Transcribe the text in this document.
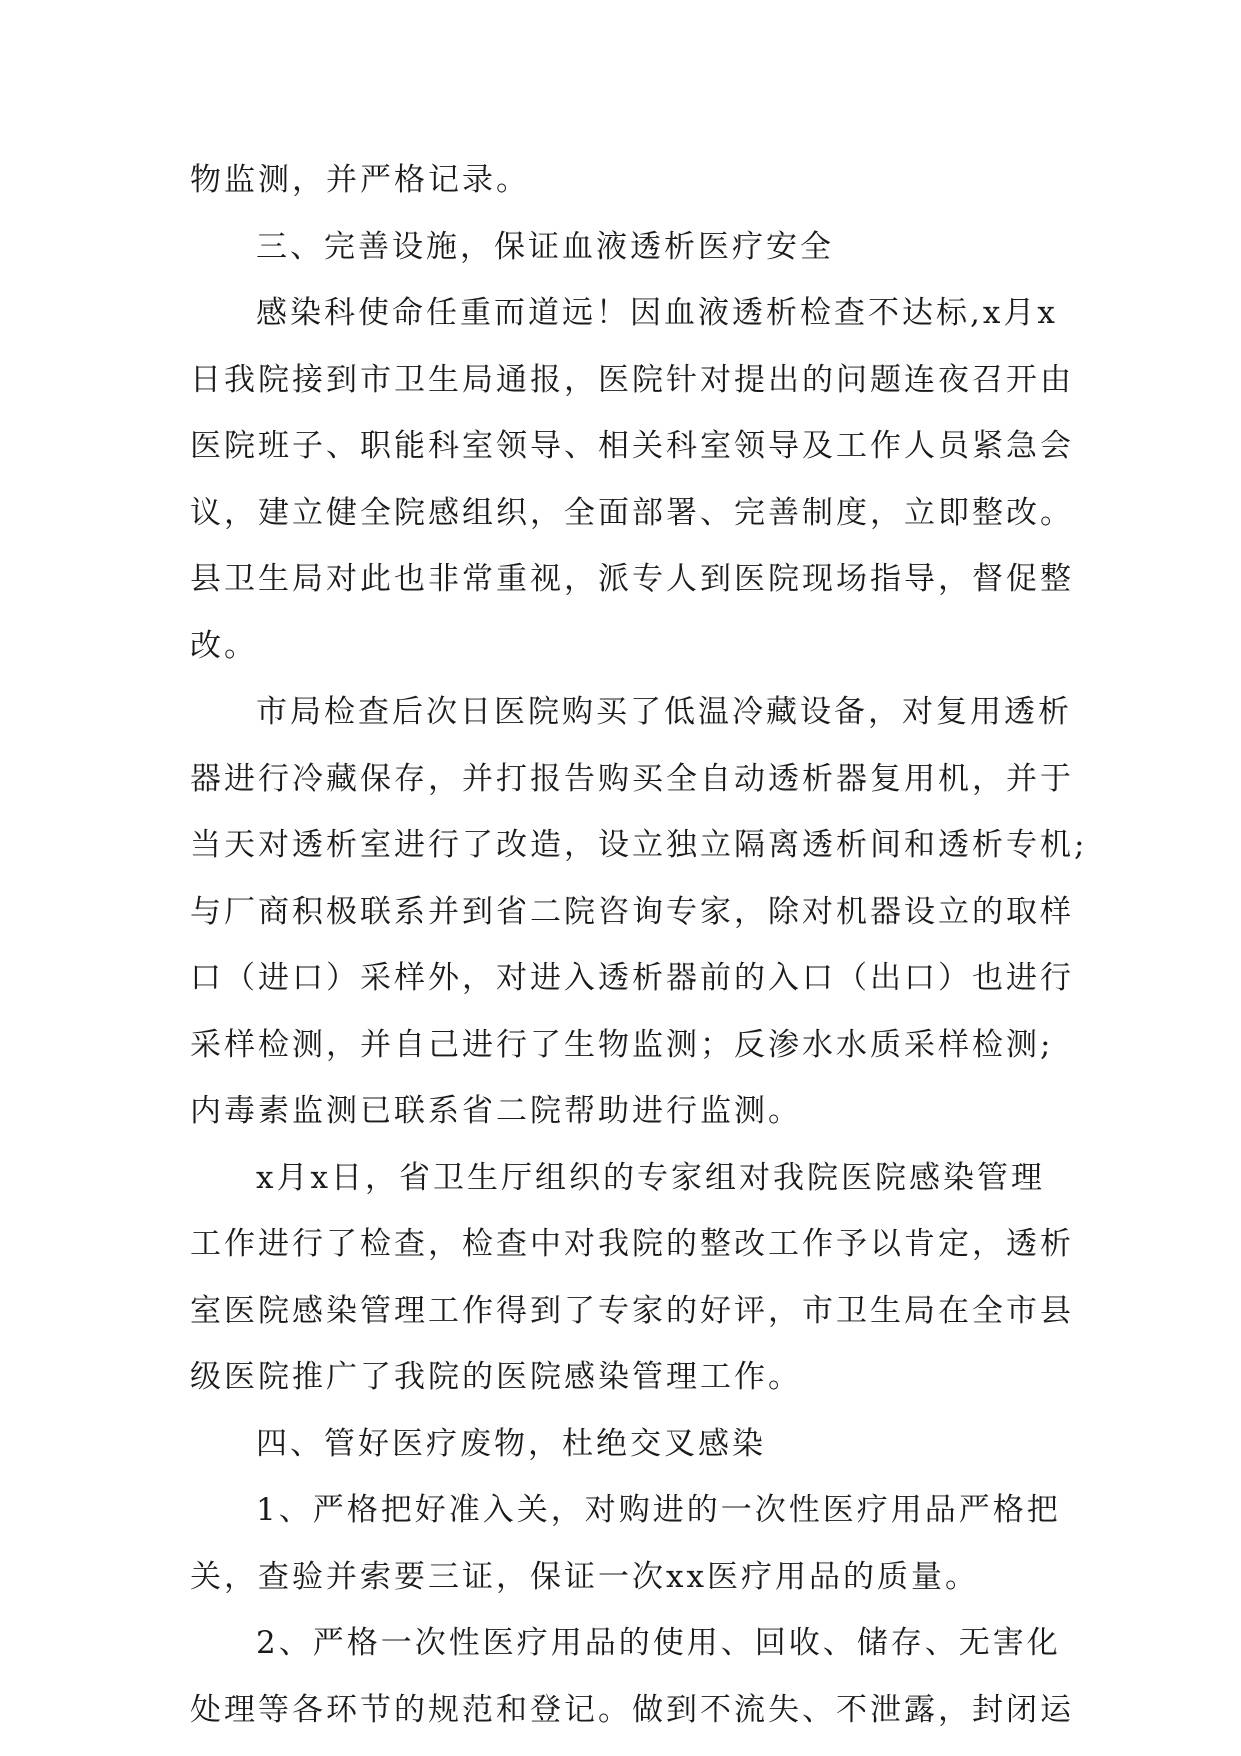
物监测，并严格记录。
三、完善设施，保证血液透析医疗安全
感染科使命任重而道远！因血液透析检查不达标,x月x
日我院接到市卫生局通报，医院针对提出的问题连夜召开由
医院班子、职能科室领导、相关科室领导及工作人员紧急会
议，建立健全院感组织，全面部署、完善制度，立即整改。
县卫生局对此也非常重视，派专人到医院现场指导，督促整
改。
市局检查后次日医院购买了低温冷藏设备，对复用透析
器进行冷藏保存，并打报告购买全自动透析器复用机，并于
当天对透析室进行了改造，设立独立隔离透析间和透析专机;
与厂商积极联系并到省二院咨询专家，除对机器设立的取样
口（进口）采样外，对进入透析器前的入口（出口）也进行
采样检测，并自己进行了生物监测；反渗水水质采样检测;
内毒素监测已联系省二院帮助进行监测。
x月x日，省卫生厅组织的专家组对我院医院感染管理
工作进行了检查，检查中对我院的整改工作予以肯定，透析
室医院感染管理工作得到了专家的好评，市卫生局在全市县
级医院推广了我院的医院感染管理工作。
四、管好医疗废物，杜绝交叉感染
1、严格把好准入关，对购进的一次性医疗用品严格把
关，查验并索要三证，保证一次xx医疗用品的质量。
2、严格一次性医疗用品的使用、回收、储存、无害化
处理等各环节的规范和登记。做到不流失、不泄露，封闭运
